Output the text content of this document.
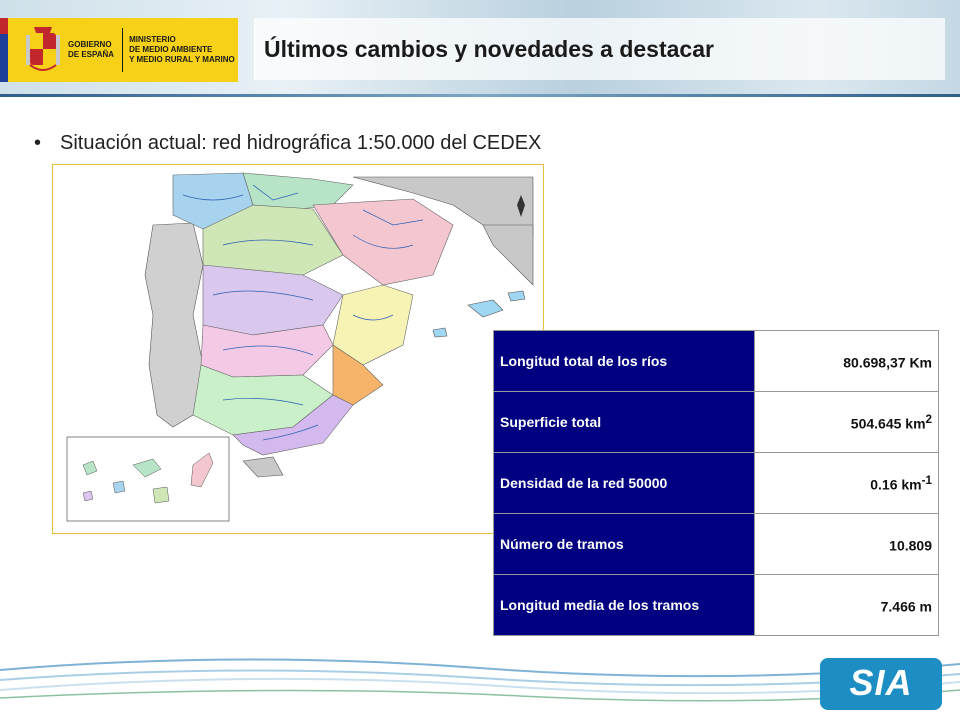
GOBIERNO
DE ESPAÑA
MINISTERIO
DE MEDIO AMBIENTE
Y MEDIO RURAL Y MARINO Últimos cambios y novedades a destacar
• Situación actual: red hidrográfica 1:50.000 del CEDEX
Longitud total de los ríos	80.698,37 Km
Superficie total	504.645 $km^2$
Densidad de la red 50000	0.16 $km^{-1}$
Número de tramos	10.809
Longitud media de los tramos	7.466 m
SIA
